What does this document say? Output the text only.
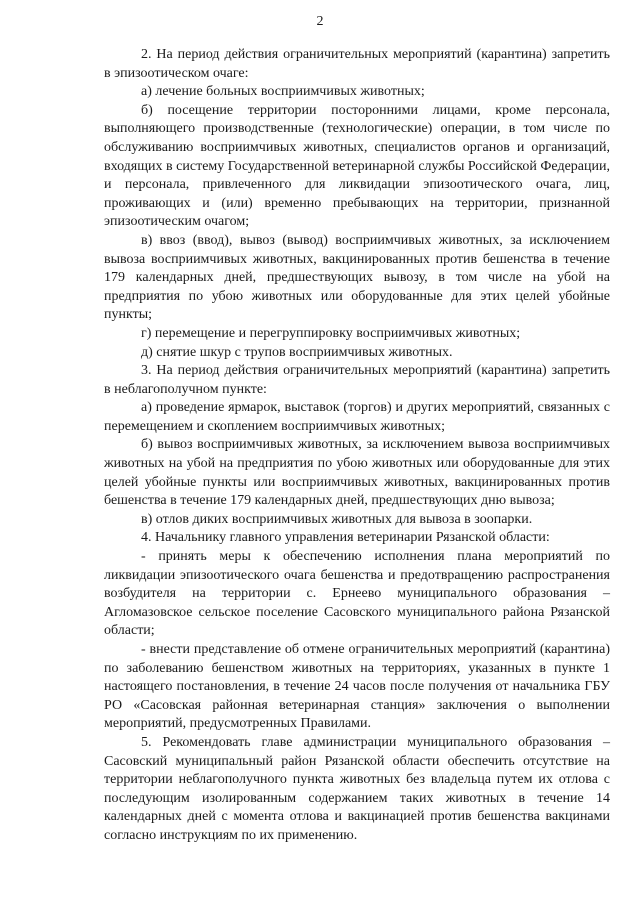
2

2. На период действия ограничительных мероприятий (карантина) запретить в эпизоотическом очаге:

а) лечение больных восприимчивых животных;

б) посещение территории посторонними лицами, кроме персонала, выполняющего производственные (технологические) операции, в том числе по обслуживанию восприимчивых животных, специалистов органов и организаций, входящих в систему Государственной ветеринарной службы Российской Федерации, и персонала, привлеченного для ликвидации эпизоотического очага, лиц, проживающих и (или) временно пребывающих на территории, признанной эпизоотическим очагом;

в) ввоз (ввод), вывоз (вывод) восприимчивых животных, за исключением вывоза восприимчивых животных, вакцинированных против бешенства в течение 179 календарных дней, предшествующих вывозу, в том числе на убой на предприятия по убою животных или оборудованные для этих целей убойные пункты;

г) перемещение и перегруппировку восприимчивых животных;

д) снятие шкур с трупов восприимчивых животных.

3. На период действия ограничительных мероприятий (карантина) запретить в неблагополучном пункте:

а) проведение ярмарок, выставок (торгов) и других мероприятий, связанных с перемещением и скоплением восприимчивых животных;

б) вывоз восприимчивых животных, за исключением вывоза восприимчивых животных на убой на предприятия по убою животных или оборудованные для этих целей убойные пункты или восприимчивых животных, вакцинированных против бешенства в течение 179 календарных дней, предшествующих дню вывоза;

в) отлов диких восприимчивых животных для вывоза в зоопарки.

4. Начальнику главного управления ветеринарии Рязанской области:

- принять меры к обеспечению исполнения плана мероприятий по ликвидации эпизоотического очага бешенства и предотвращению распространения возбудителя на территории с. Ернеево муниципального образования – Агломазовское сельское поселение Сасовского муниципального района Рязанской области;

- внести представление об отмене ограничительных мероприятий (карантина) по заболеванию бешенством животных на территориях, указанных в пункте 1 настоящего постановления, в течение 24 часов после получения от начальника ГБУ РО «Сасовская районная ветеринарная станция» заключения о выполнении мероприятий, предусмотренных Правилами.

5. Рекомендовать главе администрации муниципального образования – Сасовский муниципальный район Рязанской области обеспечить отсутствие на территории неблагополучного пункта животных без владельца путем их отлова с последующим изолированным содержанием таких животных в течение 14 календарных дней с момента отлова и вакцинацией против бешенства вакцинами согласно инструкциям по их применению.
